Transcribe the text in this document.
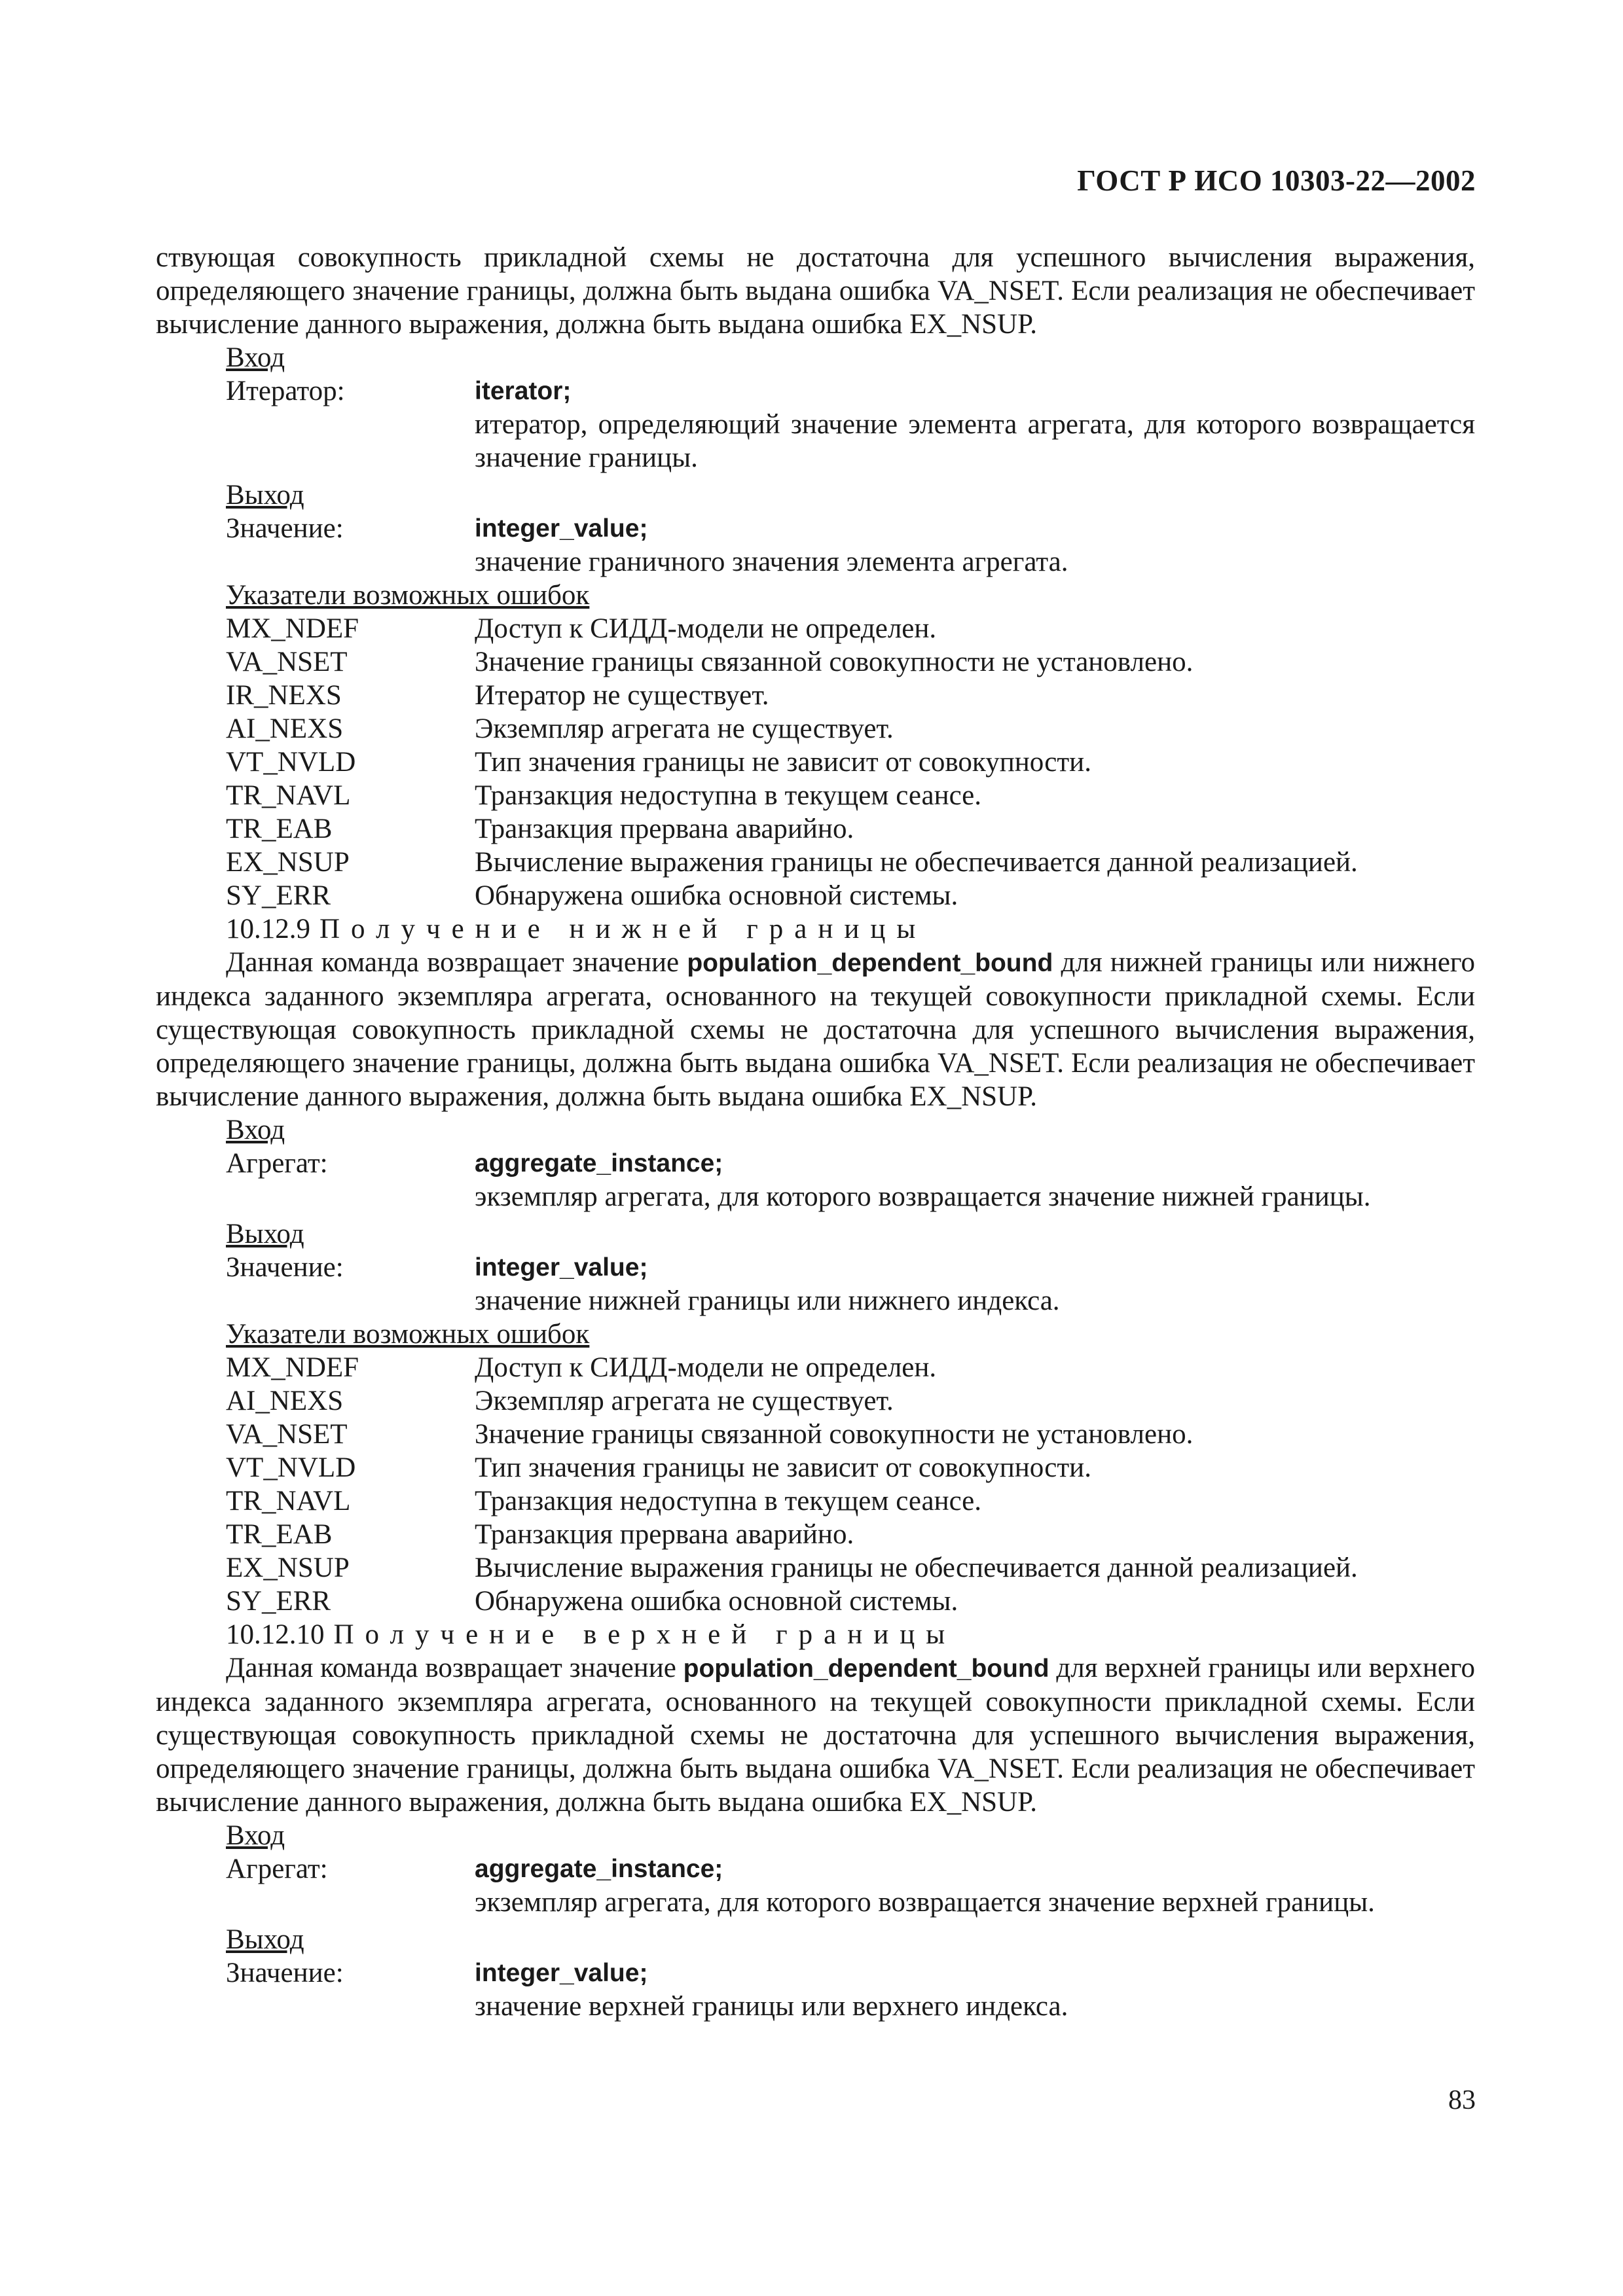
ГОСТ Р ИСО 10303-22—2002

ствующая совокупность прикладной схемы не достаточна для успешного вычисления выражения, определяющего значение границы, должна быть выдана ошибка VA_NSET. Если реализация не обеспечивает вычисление данного выражения, должна быть выдана ошибка EX_NSUP.

Вход
Итератор:	iterator;
итератор, определяющий значение элемента агрегата, для которого возвращается значение границы.
Выход
Значение:	integer_value;
значение граничного значения элемента агрегата.
Указатели возможных ошибок
MX_NDEF	Доступ к СИДД-модели не определен.
VA_NSET	Значение границы связанной совокупности не установлено.
IR_NEXS	Итератор не существует.
AI_NEXS	Экземпляр агрегата не существует.
VT_NVLD	Тип значения границы не зависит от совокупности.
TR_NAVL	Транзакция недоступна в текущем сеансе.
TR_EAB	Транзакция прервана аварийно.
EX_NSUP	Вычисление выражения границы не обеспечивается данной реализацией.
SY_ERR	Обнаружена ошибка основной системы.
10.12.9 Получение нижней границы

Данная команда возвращает значение population_dependent_bound для нижней границы или нижнего индекса заданного экземпляра агрегата, основанного на текущей совокупности прикладной схемы. Если существующая совокупность прикладной схемы не достаточна для успешного вычисления выражения, определяющего значение границы, должна быть выдана ошибка VA_NSET. Если реализация не обеспечивает вычисление данного выражения, должна быть выдана ошибка EX_NSUP.

Вход
Агрегат:	aggregate_instance;
экземпляр агрегата, для которого возвращается значение нижней границы.
Выход
Значение:	integer_value;
значение нижней границы или нижнего индекса.
Указатели возможных ошибок
MX_NDEF	Доступ к СИДД-модели не определен.
AI_NEXS	Экземпляр агрегата не существует.
VA_NSET	Значение границы связанной совокупности не установлено.
VT_NVLD	Тип значения границы не зависит от совокупности.
TR_NAVL	Транзакция недоступна в текущем сеансе.
TR_EAB	Транзакция прервана аварийно.
EX_NSUP	Вычисление выражения границы не обеспечивается данной реализацией.
SY_ERR	Обнаружена ошибка основной системы.
10.12.10 Получение верхней границы

Данная команда возвращает значение population_dependent_bound для верхней границы или верхнего индекса заданного экземпляра агрегата, основанного на текущей совокупности прикладной схемы. Если существующая совокупность прикладной схемы не достаточна для успешного вычисления выражения, определяющего значение границы, должна быть выдана ошибка VA_NSET. Если реализация не обеспечивает вычисление данного выражения, должна быть выдана ошибка EX_NSUP.

Вход
Агрегат:	aggregate_instance;
экземпляр агрегата, для которого возвращается значение верхней границы.
Выход
Значение:	integer_value;
значение верхней границы или верхнего индекса.
83
